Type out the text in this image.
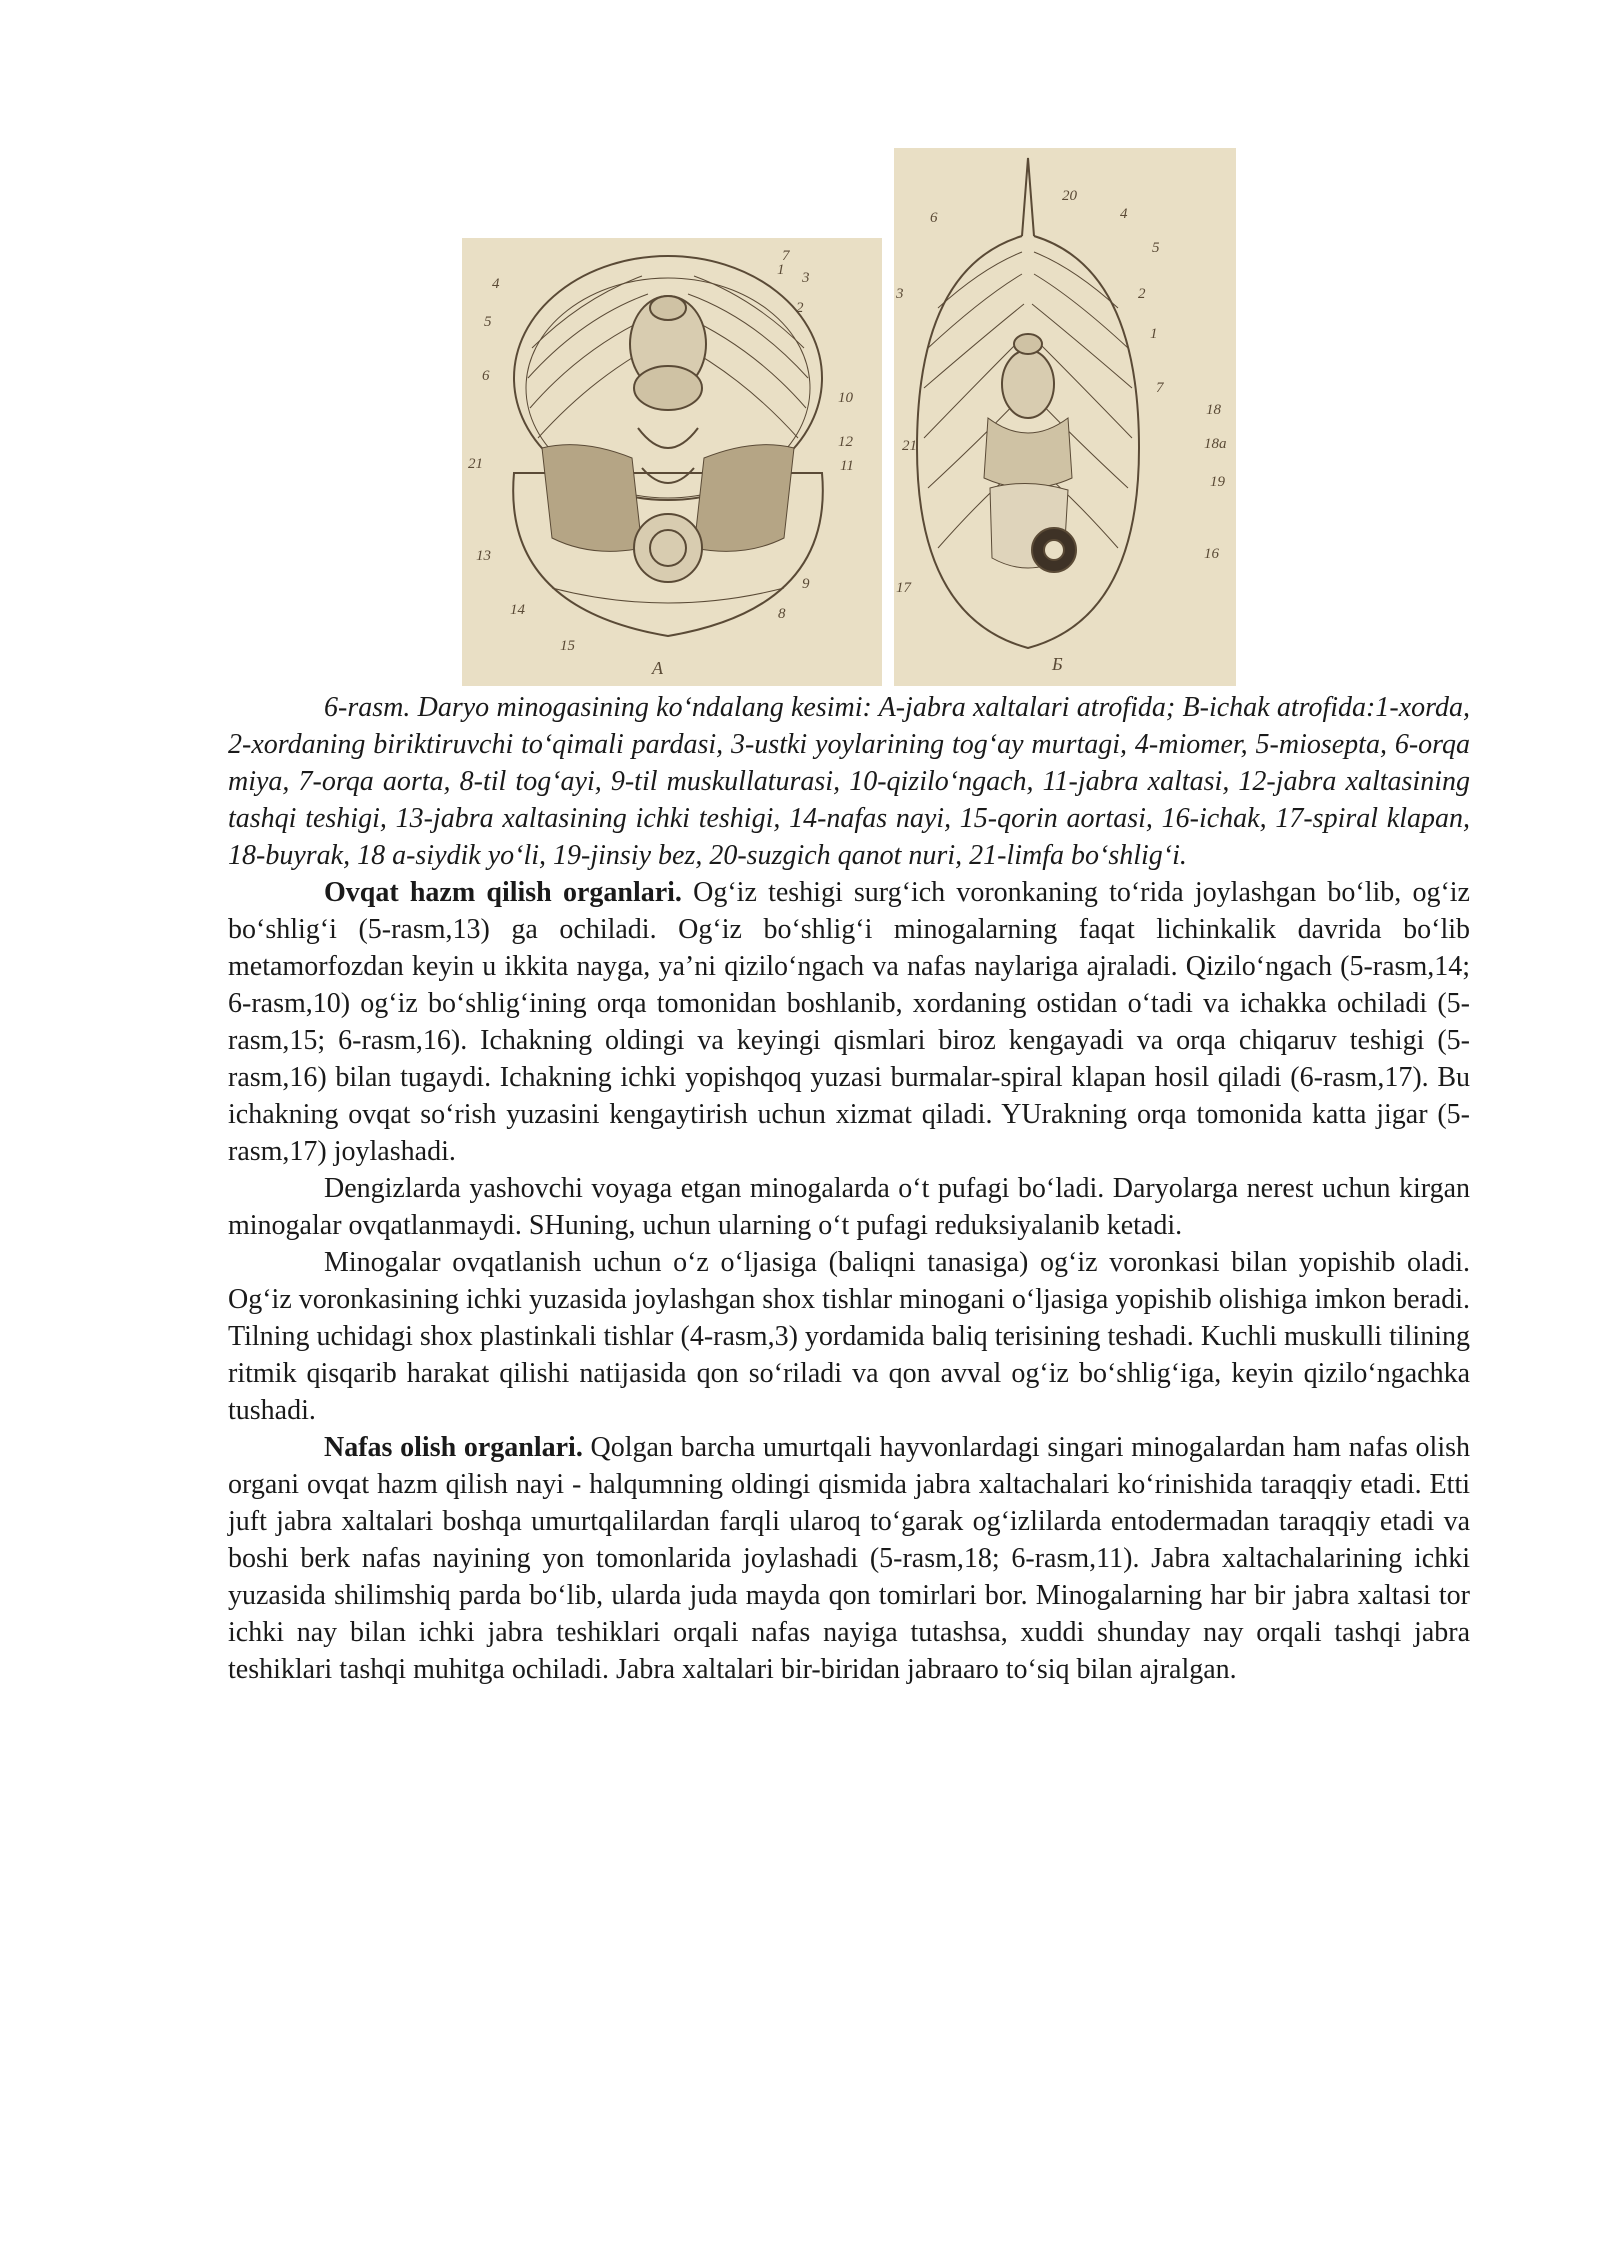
1
2
3
4
5
6
7
8
9
10
11
12
13
14
15
21
A
1
2
3
4
5
6
7
16
17
18
18a
19
20
21
Б

6-rasm. Daryo minogasining ko‘ndalang kesimi: A-jabra xaltalari atrofida; B-ichak atrofida:1-xorda, 2-xordaning biriktiruvchi to‘qimali pardasi, 3-ustki yoylarining tog‘ay murtagi, 4-miomer, 5-miosepta, 6-orqa miya, 7-orqa aorta, 8-til tog‘ayi, 9-til muskullaturasi, 10-qizilo‘ngach, 11-jabra xaltasi, 12-jabra xaltasining tashqi teshigi, 13-jabra xaltasining ichki teshigi, 14-nafas nayi, 15-qorin aortasi, 16-ichak, 17-spiral klapan, 18-buyrak, 18 a-siydik yo‘li, 19-jinsiy bez, 20-suzgich qanot nuri, 21-limfa bo‘shlig‘i.

Ovqat hazm qilish organlari. Og‘iz teshigi surg‘ich voronkaning to‘rida joylashgan bo‘lib, og‘iz bo‘shlig‘i (5-rasm,13) ga ochiladi. Og‘iz bo‘shlig‘i minogalarning faqat lichinkalik davrida bo‘lib metamorfozdan keyin u ikkita nayga, ya’ni qizilo‘ngach va nafas naylariga ajraladi. Qizilo‘ngach (5-rasm,14; 6-rasm,10) og‘iz bo‘shlig‘ining orqa tomonidan boshlanib, xordaning ostidan o‘tadi va ichakka ochiladi (5-rasm,15; 6-rasm,16). Ichakning oldingi va keyingi qismlari biroz kengayadi va orqa chiqaruv teshigi (5-rasm,16) bilan tugaydi. Ichakning ichki yopishqoq yuzasi burmalar-spiral klapan hosil qiladi (6-rasm,17). Bu ichakning ovqat so‘rish yuzasini kengaytirish uchun xizmat qiladi. YUrakning orqa tomonida katta jigar (5-rasm,17) joylashadi.

Dengizlarda yashovchi voyaga etgan minogalarda o‘t pufagi bo‘ladi. Daryolarga nerest uchun kirgan minogalar ovqatlanmaydi. SHuning, uchun ularning o‘t pufagi reduksiyalanib ketadi.

Minogalar ovqatlanish uchun o‘z o‘ljasiga (baliqni tanasiga) og‘iz voronkasi bilan yopishib oladi. Og‘iz voronkasining ichki yuzasida joylashgan shox tishlar minogani o‘ljasiga yopishib olishiga imkon beradi. Tilning uchidagi shox plastinkali tishlar (4-rasm,3) yordamida baliq terisining teshadi. Kuchli muskulli tilining ritmik qisqarib harakat qilishi natijasida qon so‘riladi va qon avval og‘iz bo‘shlig‘iga, keyin qizilo‘ngachka tushadi.

Nafas olish organlari. Qolgan barcha umurtqali hayvonlardagi singari minogalardan ham nafas olish organi ovqat hazm qilish nayi - halqumning oldingi qismida jabra xaltachalari ko‘rinishida taraqqiy etadi. Etti juft jabra xaltalari boshqa umurtqalilardan farqli ularoq to‘garak og‘izlilarda entodermadan taraqqiy etadi va boshi berk nafas nayining yon tomonlarida joylashadi (5-rasm,18; 6-rasm,11). Jabra xaltachalarining ichki yuzasida shilimshiq parda bo‘lib, ularda juda mayda qon tomirlari bor. Minogalarning har bir jabra xaltasi tor ichki nay bilan ichki jabra teshiklari orqali nafas nayiga tutashsa, xuddi shunday nay orqali tashqi jabra teshiklari tashqi muhitga ochiladi. Jabra xaltalari bir-biridan jabraaro to‘siq bilan ajralgan.
